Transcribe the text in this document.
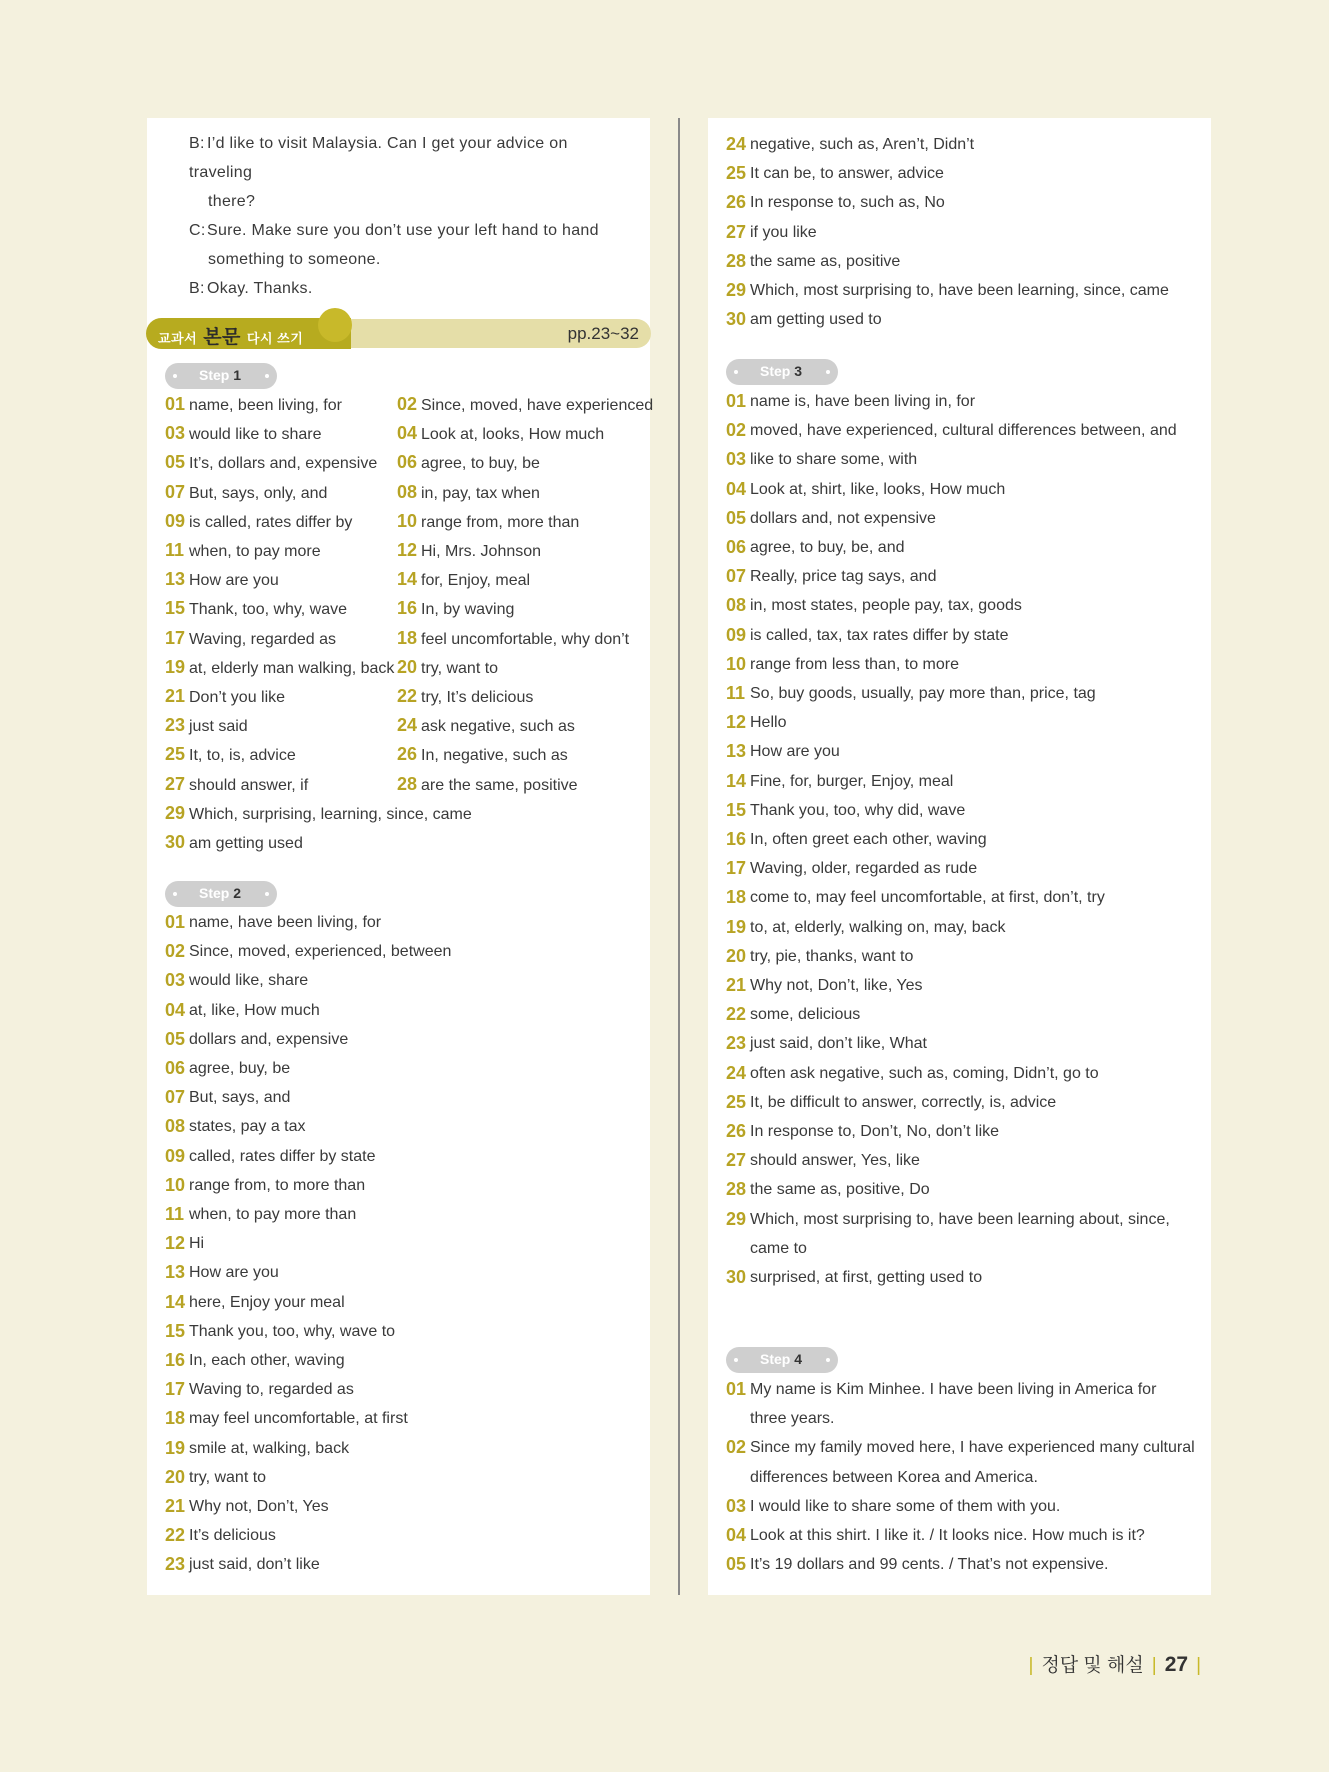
B: I’d like to visit Malaysia. Can I get your advice on traveling
there?
C:Sure. Make sure you don’t use your left hand to hand
something to someone.
B: Okay. Thanks.
교과서 본문 다시 쓰기	pp.23~32
Step 1
01 name, been living, for	02 Since, moved, have experienced
03 would like to share	04 Look at, looks, How much
05 It’s, dollars and, expensive 06 agree, to buy, be
07 But, says, only, and	08 in, pay, tax when
09 is called, rates differ by 10 range from, more than
11 when, to pay more	12 Hi, Mrs. Johnson
13 How are you	14 for, Enjoy, meal
15 Thank, too, why, wave	16 In, by waving
17 Waving, regarded as	18 feel uncomfortable, why don’t
19 at, elderly man walking, back 20 try, want to
21 Don’t you like	22 try, It’s delicious
23 just said	24 ask negative, such as
25 It, to, is, advice	26 In, negative, such as
27 should answer, if	28 are the same, positive
29 Which, surprising, learning, since, came
30 am getting used
Step 2
01 name, have been living, for
02 Since, moved, experienced, between
03 would like, share
04 at, like, How much
05 dollars and, expensive
06 agree, buy, be
07 But, says, and
08 states, pay a tax
09 called, rates differ by state
10 range from, to more than
11 when, to pay more than
12 Hi
13 How are you
14 here, Enjoy your meal
15 Thank you, too, why, wave to
16 In, each other, waving
17 Waving to, regarded as
18 may feel uncomfortable, at first
19 smile at, walking, back
20 try, want to
21 Why not, Don’t, Yes
22 It’s delicious
23 just said, don’t like
24 negative, such as, Aren’t, Didn’t
25 It can be, to answer, advice
26 In response to, such as, No
27 if you like
28 the same as, positive
29 Which, most surprising to, have been learning, since, came
30 am getting used to
Step 3
01 name is, have been living in, for
02 moved, have experienced, cultural differences between, and
03 like to share some, with
04 Look at, shirt, like, looks, How much
05 dollars and, not expensive
06 agree, to buy, be, and
07 Really, price tag says, and
08 in, most states, people pay, tax, goods
09 is called, tax, tax rates differ by state
10 range from less than, to more
11 So, buy goods, usually, pay more than, price, tag
12 Hello
13 How are you
14 Fine, for, burger, Enjoy, meal
15 Thank you, too, why did, wave
16 In, often greet each other, waving
17 Waving, older, regarded as rude
18 come to, may feel uncomfortable, at first, don’t, try
19 to, at, elderly, walking on, may, back
20 try, pie, thanks, want to
21 Why not, Don’t, like, Yes
22 some, delicious
23 just said, don’t like, What
24 often ask negative, such as, coming, Didn’t, go to
25 It, be difficult to answer, correctly, is, advice
26 In response to, Don’t, No, don’t like
27 should answer, Yes, like
28 the same as, positive, Do
29 Which, most surprising to, have been learning about, since, came to
30 surprised, at first, getting used to
Step 4
01 My name is Kim Minhee. I have been living in America for three years.
02 Since my family moved here, I have experienced many cultural differences between Korea and America.
03 I would like to share some of them with you.
04 Look at this shirt. I like it. / It looks nice. How much is it?
05 It’s 19 dollars and 99 cents. / That’s not expensive.
| 정답 및 해설 | 27 |
